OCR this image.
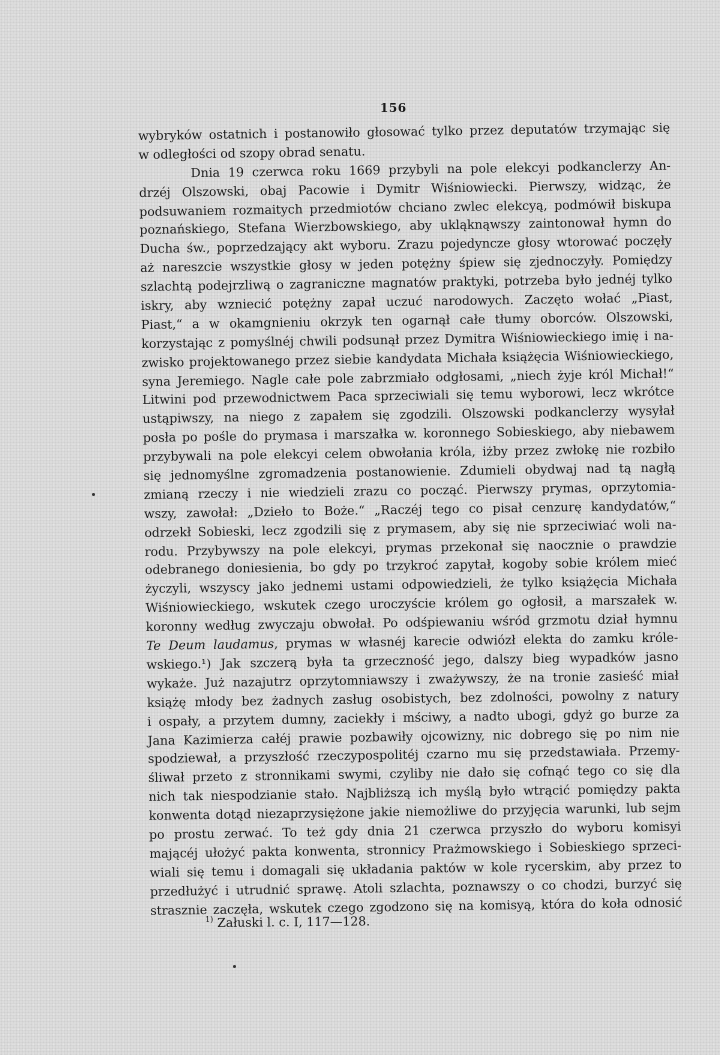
156
wybryków ostatnich i postanowiło głosować tylko przez deputatów trzymając się
w odległości od szopy obrad senatu.
Dnia 19 czerwca roku 1669 przybyli na pole elekcyi podkanclerzy An-
drzéj Olszowski, obaj Pacowie i Dymitr Wiśniowiecki. Pierwszy, widząc, że
podsuwaniem rozmaitych przedmiotów chciano zwlec elekcyą, podmówił biskupa
poznańskiego, Stefana Wierzbowskiego, aby ukląknąwszy zaintonował hymn do
Ducha św., poprzedzający akt wyboru. Zrazu pojedyncze głosy wtorować poczęły
aż nareszcie wszystkie głosy w jeden potężny śpiew się zjednoczyły. Pomiędzy
szlachtą podejrzliwą o zagraniczne magnatów praktyki, potrzeba było jednéj tylko
iskry, aby wzniecić potężny zapał uczuć narodowych. Zaczęto wołać „Piast,
Piast,“ a w okamgnieniu okrzyk ten ogarnął całe tłumy oborców. Olszowski,
korzystając z pomyślnéj chwili podsunął przez Dymitra Wiśniowieckiego imię i na-
zwisko projektowanego przez siebie kandydata Michała książęcia Wiśniowieckiego,
syna Jeremiego. Nagle całe pole zabrzmiało odgłosami, „niech żyje król Michał!“
Litwini pod przewodnictwem Paca sprzeciwiali się temu wyborowi, lecz wkrótce
ustąpiwszy, na niego z zapałem się zgodzili. Olszowski podkanclerzy wysyłał
posła po pośle do prymasa i marszałka w. koronnego Sobieskiego, aby niebawem
przybywali na pole elekcyi celem obwołania króla, iżby przez zwłokę nie rozbiło
się jednomyślne zgromadzenia postanowienie. Zdumieli obydwaj nad tą nagłą
zmianą rzeczy i nie wiedzieli zrazu co począć. Pierwszy prymas, oprzytomia-
wszy, zawołał: „Dzieło to Boże.“ „Raczéj tego co pisał cenzurę kandydatów,“
odrzekł Sobieski, lecz zgodzili się z prymasem, aby się nie sprzeciwiać woli na-
rodu. Przybywszy na pole elekcyi, prymas przekonał się naocznie o prawdzie
odebranego doniesienia, bo gdy po trzykroć zapytał, kogoby sobie królem mieć
życzyli, wszyscy jako jednemi ustami odpowiedzieli, że tylko książęcia Michała
Wiśniowieckiego, wskutek czego uroczyście królem go ogłosił, a marszałek w.
koronny według zwyczaju obwołał. Po odśpiewaniu wśród grzmotu dział hymnu
Te Deum laudamus, prymas w własnéj karecie odwiózł elekta do zamku króle-
wskiego.¹) Jak szczerą była ta grzeczność jego, dalszy bieg wypadków jasno
wykaże. Już nazajutrz oprzytomniawszy i zważywszy, że na tronie zasieść miał
książę młody bez żadnych zasług osobistych, bez zdolności, powolny z natury
i ospały, a przytem dumny, zaciekły i mściwy, a nadto ubogi, gdyż go burze za
Jana Kazimierza całéj prawie pozbawiły ojcowizny, nic dobrego się po nim nie
spodziewał, a przyszłość rzeczypospolitéj czarno mu się przedstawiała. Przemy-
śliwał przeto z stronnikami swymi, czyliby nie dało się cofnąć tego co się dla
nich tak niespodzianie stało. Najbliższą ich myślą było wtrącić pomiędzy pakta
konwenta dotąd niezaprzysiężone jakie niemożliwe do przyjęcia warunki, lub sejm
po prostu zerwać. To też gdy dnia 21 czerwca przyszło do wyboru komisyi
mającéj ułożyć pakta konwenta, stronnicy Prażmowskiego i Sobieskiego sprzeci-
wiali się temu i domagali się układania paktów w kole rycerskim, aby przez to
przedłużyć i utrudnić sprawę. Atoli szlachta, poznawszy o co chodzi, burzyć się
strasznie zaczęła, wskutek czego zgodzono się na komisyą, która do koła odnosić
$^{1)}$ Załuski l. c. I, 117—128.
